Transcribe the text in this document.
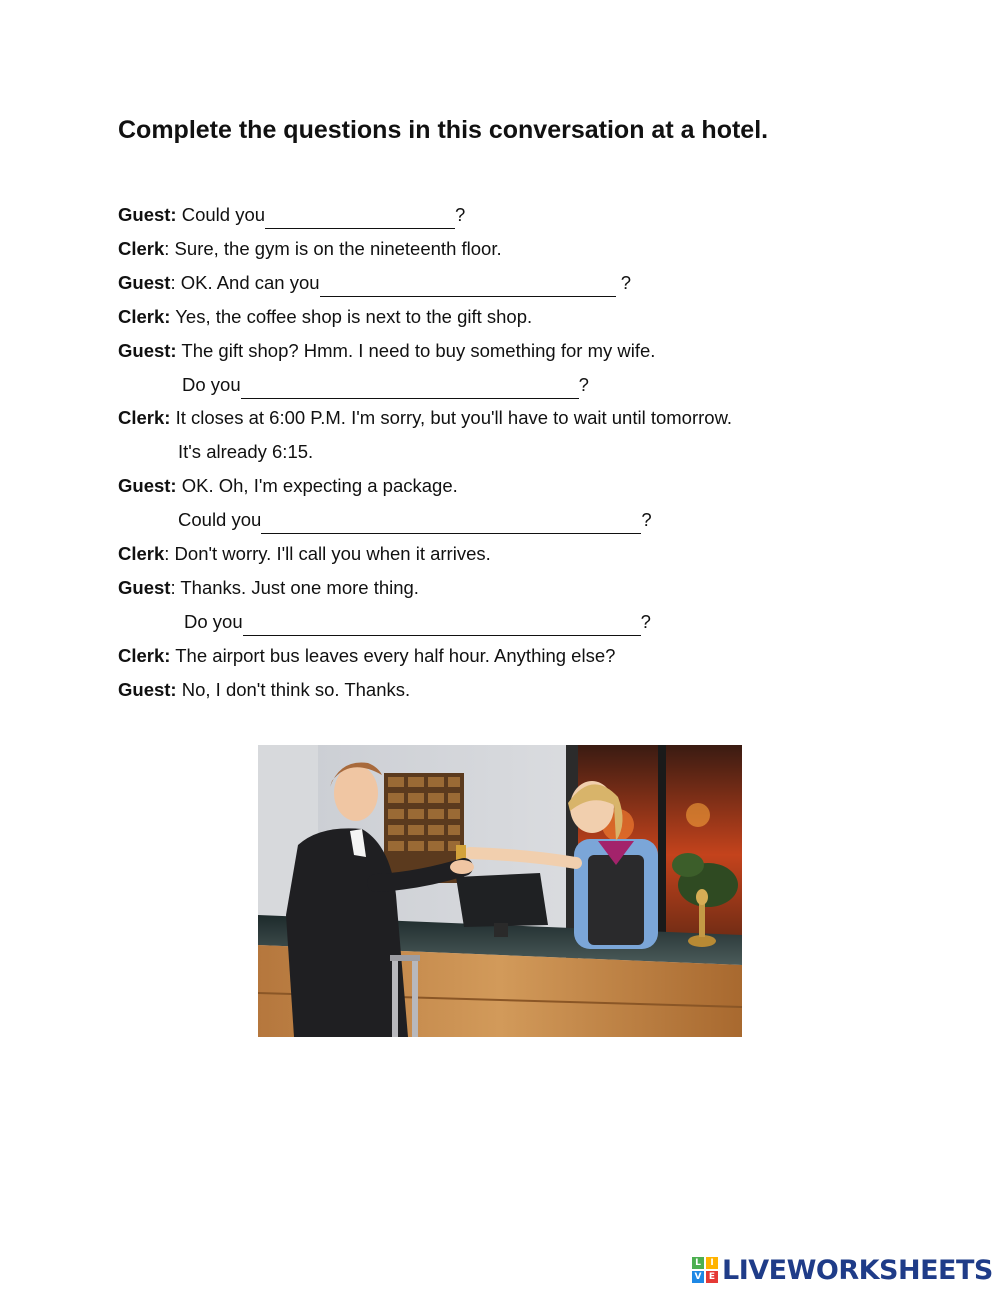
Complete the questions in this conversation at a hotel.
Guest: Could you	?
Clerk: Sure, the gym is on the nineteenth floor.
Guest: OK. And can you	?
Clerk: Yes, the coffee shop is next to the gift shop.
Guest: The gift shop? Hmm. I need to buy something for my wife.
Do you	?
Clerk: It closes at 6:00 P.M. I'm sorry, but you'll have to wait until tomorrow.
It's already 6:15.
Guest: OK. Oh, I'm expecting a package.
Could you	?
Clerk: Don't worry. I'll call you when it arrives.
Guest: Thanks. Just one more thing.
Do you	?
Clerk: The airport bus leaves every half hour. Anything else?
Guest: No, I don't think so. Thanks.
L	I
V E LIVEWORKSHEETS
